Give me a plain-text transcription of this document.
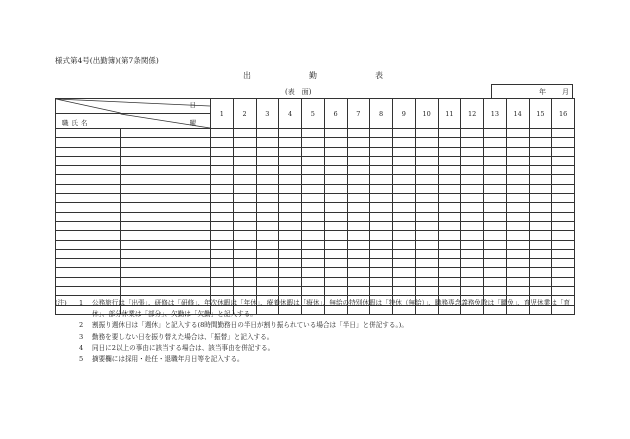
様式第4号(出勤簿)(第7条関係)
出	勤	表
(表　面)	年 月
日		1	2	3	4	5	6	7	8	9	10	11	12	13	14	15	16

職氏名 曜																	

(注) 1 公務旅行は「出張」、研修は「研修」、年次休暇は「年休」、療養休暇は「療休」、無給の特別休暇は「特休（無給）」、職務専念義務免除は「職免」、育児休業は「育休」、部分休業は「部分」、欠勤は「欠勤」と記入する。
2 割振り週休日は「週休」と記入する(8時間勤務日の半日が割り振られている場合は「半日」と併記する。)。
3 勤務を要しない日を振り替えた場合は、「振替」と記入する。
4 同日に2以上の事由に該当する場合は、該当事由を併記する。
5 摘要欄には採用・赴任・退職年月日等を記入する。
